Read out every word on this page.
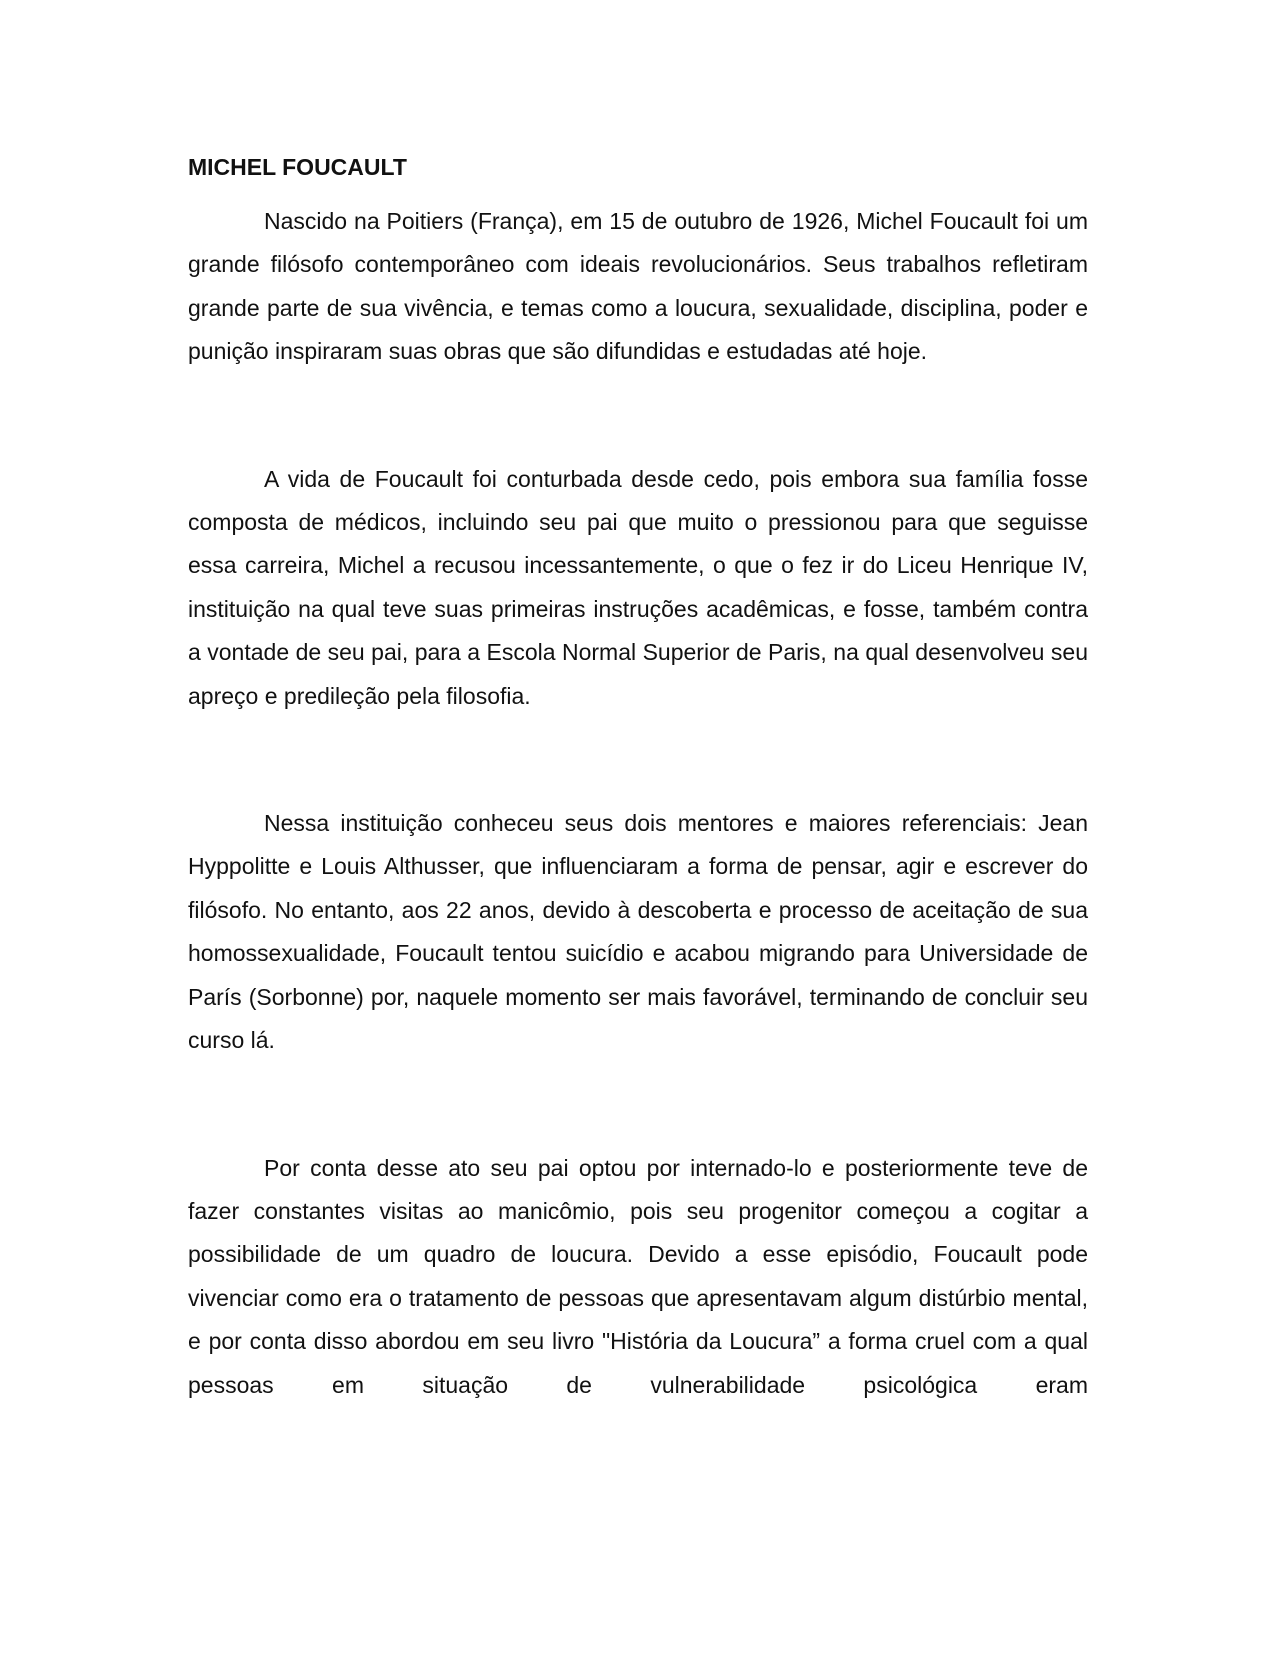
MICHEL FOUCAULT

Nascido na Poitiers (França), em 15 de outubro de 1926, Michel Foucault foi um grande filósofo contemporâneo com ideais revolucionários. Seus trabalhos refletiram grande parte de sua vivência, e temas como a loucura, sexualidade, disciplina, poder e punição inspiraram suas obras que são difundidas e estudadas até hoje.

A vida de Foucault foi conturbada desde cedo, pois embora sua família fosse composta de médicos, incluindo seu pai que muito o pressionou para que seguisse essa carreira, Michel a recusou incessantemente, o que o fez ir do Liceu Henrique IV, instituição na qual teve suas primeiras instruções acadêmicas, e fosse, também contra a vontade de seu pai, para a Escola Normal Superior de Paris, na qual desenvolveu seu apreço e predileção pela filosofia.

Nessa instituição conheceu seus dois mentores e maiores referenciais: Jean Hyppolitte e Louis Althusser, que influenciaram a forma de pensar, agir e escrever do filósofo. No entanto, aos 22 anos, devido à descoberta e processo de aceitação de sua homossexualidade, Foucault tentou suicídio e acabou migrando para Universidade de París (Sorbonne) por, naquele momento ser mais favorável, terminando de concluir seu curso lá.

Por conta desse ato seu pai optou por internado-lo e posteriormente teve de fazer constantes visitas ao manicômio, pois seu progenitor começou a cogitar a possibilidade de um quadro de loucura. Devido a esse episódio, Foucault pode vivenciar como era o tratamento de pessoas que apresentavam algum distúrbio mental, e por conta disso abordou em seu livro "História da Loucura” a forma cruel com a qual pessoas em situação de vulnerabilidade psicológica eram
